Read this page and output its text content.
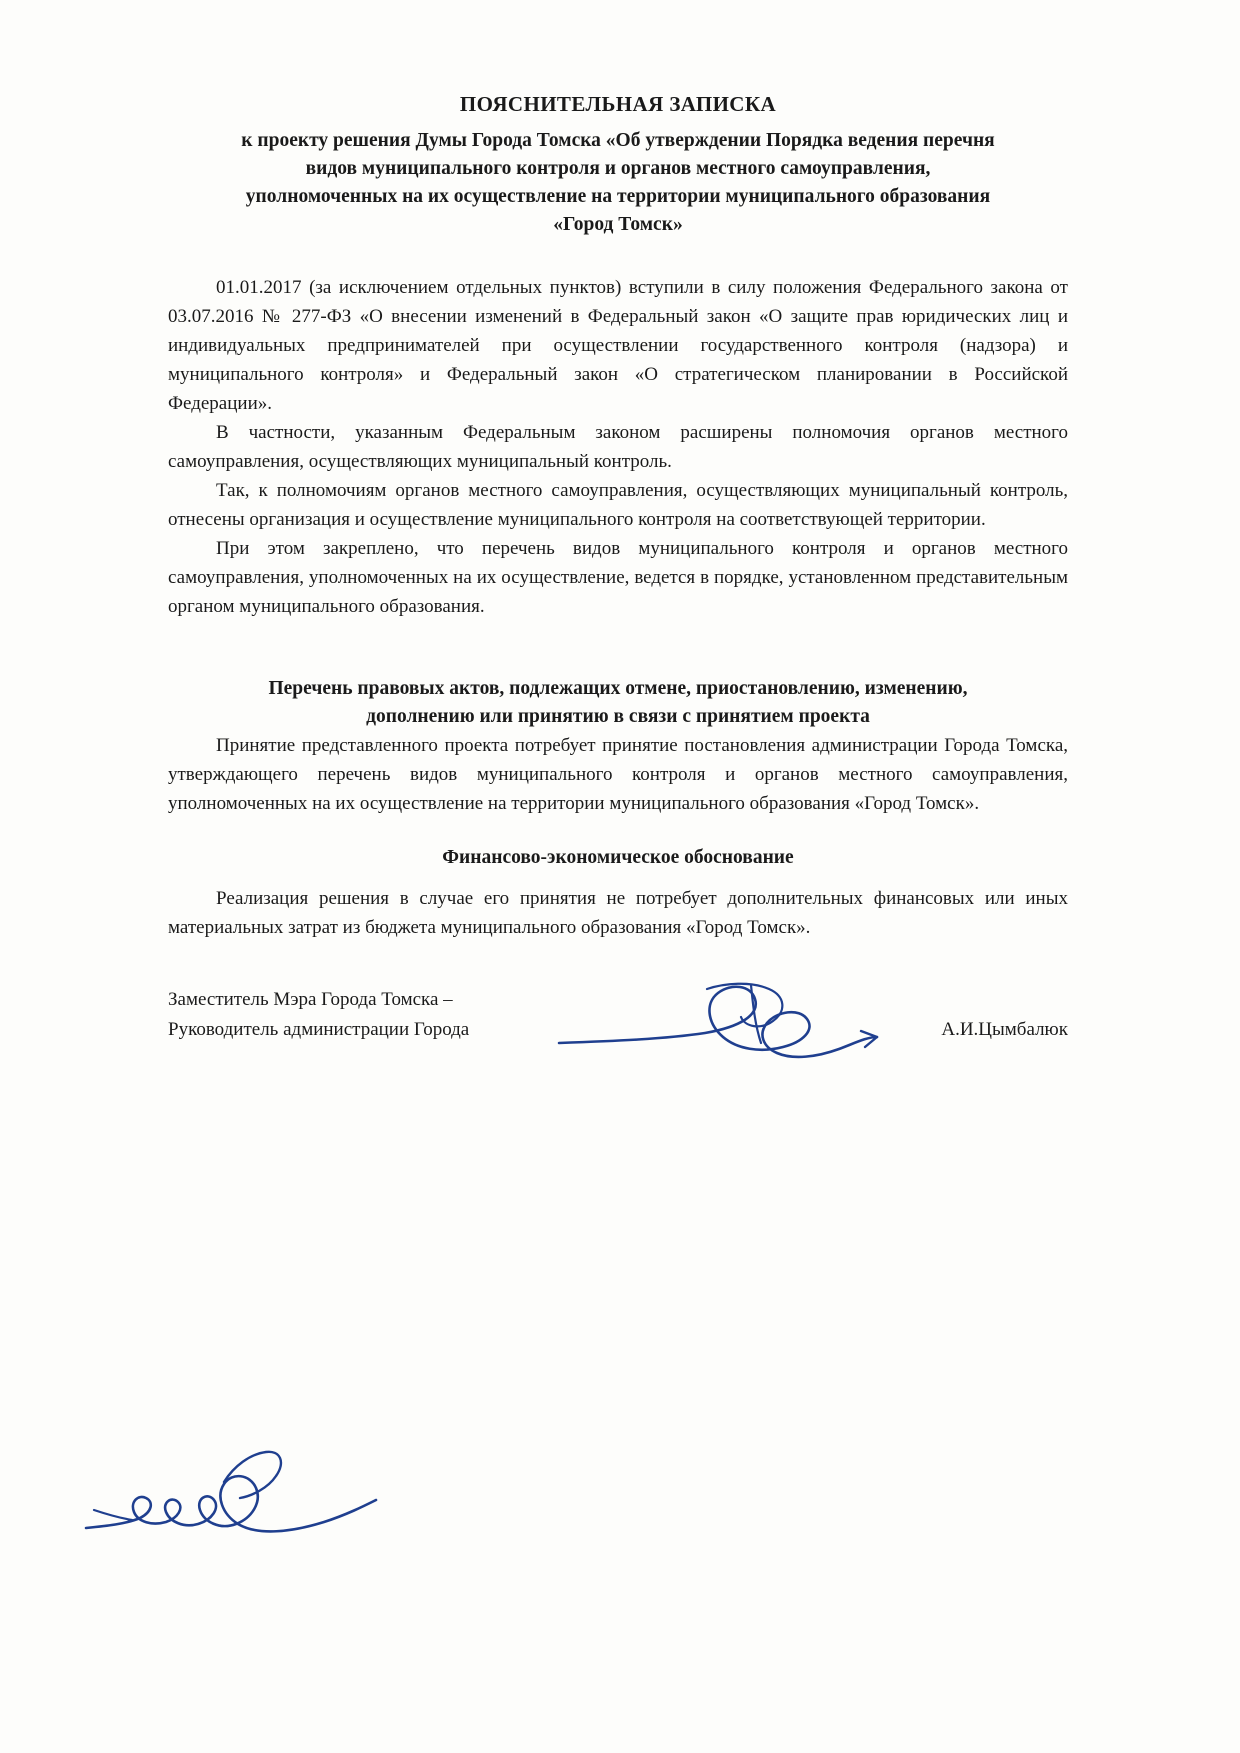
ПОЯСНИТЕЛЬНАЯ ЗАПИСКА
к проекту решения Думы Города Томска «Об утверждении Порядка ведения перечня
видов муниципального контроля и органов местного самоуправления,
уполномоченных на их осуществление на территории муниципального образования
«Город Томск»

01.01.2017 (за исключением отдельных пунктов) вступили в силу положения Федерального закона от 03.07.2016 № 277-ФЗ «О внесении изменений в Федеральный закон «О защите прав юридических лиц и индивидуальных предпринимателей при осуществлении государственного контроля (надзора) и муниципального контроля» и Федеральный закон «О стратегическом планировании в Российской Федерации».

В частности, указанным Федеральным законом расширены полномочия органов местного самоуправления, осуществляющих муниципальный контроль.

Так, к полномочиям органов местного самоуправления, осуществляющих муниципальный контроль, отнесены организация и осуществление муниципального контроля на соответствующей территории.

При этом закреплено, что перечень видов муниципального контроля и органов местного самоуправления, уполномоченных на их осуществление, ведется в порядке, установленном представительным органом муниципального образования.

Перечень правовых актов, подлежащих отмене, приостановлению, изменению,
дополнению или принятию в связи с принятием проекта

Принятие представленного проекта потребует принятие постановления администрации Города Томска, утверждающего перечень видов муниципального контроля и органов местного самоуправления, уполномоченных на их осуществление на территории муниципального образования «Город Томск».

Финансово-экономическое обоснование

Реализация решения в случае его принятия не потребует дополнительных финансовых или иных материальных затрат из бюджета муниципального образования «Город Томск».

Заместитель Мэра Города Томска –
Руководитель администрации Города	А.И.Цымбалюк
